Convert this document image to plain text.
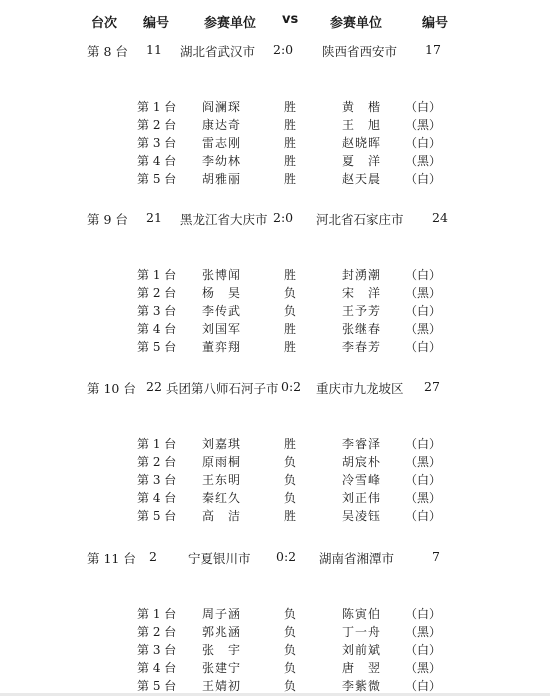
台次 编号	参赛单位 vs 参赛单位	编号
第 8 台 11 湖北省武汉市 2:0 陕西省西安市 17
第 1 台 阎澜琛	胜	黄　楷 （白）
第 2 台 康达奇	胜	王　旭 （黑）
第 3 台 雷志刚	胜	赵晓晖 （白）
第 4 台 李幼林	胜	夏　洋 （黑）
第 5 台 胡雅丽	胜	赵天晨 （白）
第 9 台 21 黑龙江省大庆市 2:0 河北省石家庄市 24
第 1 台 张博闻	胜	封湧潮 （白）
第 2 台 杨　昊	负	宋　洋 （黑）
第 3 台 李传武	负	王予芳 （白）
第 4 台 刘国军	胜	张继春 （黑）
第 5 台 董弈翔	胜	李春芳 （白）
第 10 台 22 兵团第八师石河子市 0:2 重庆市九龙坡区 27
第 1 台 刘嘉琪	胜	李睿泽 （白）
第 2 台 原雨桐	负	胡宸朴 （黑）
第 3 台 王东明	负	冷雪峰 （白）
第 4 台 秦红久	负	刘正伟 （黑）
第 5 台 高　洁	胜	吴凌钰 （白）
第 11 台 2 宁夏银川市 0:2 湖南省湘潭市	7
第 1 台 周子涵	负	陈寅伯 （白）
第 2 台 郭兆涵	负	丁一舟 （黑）
第 3 台 张　宇	负	刘前斌 （白）
第 4 台 张建宁	负	唐　翌 （黑）
第 5 台 王婧初	负	李紫微 （白）
